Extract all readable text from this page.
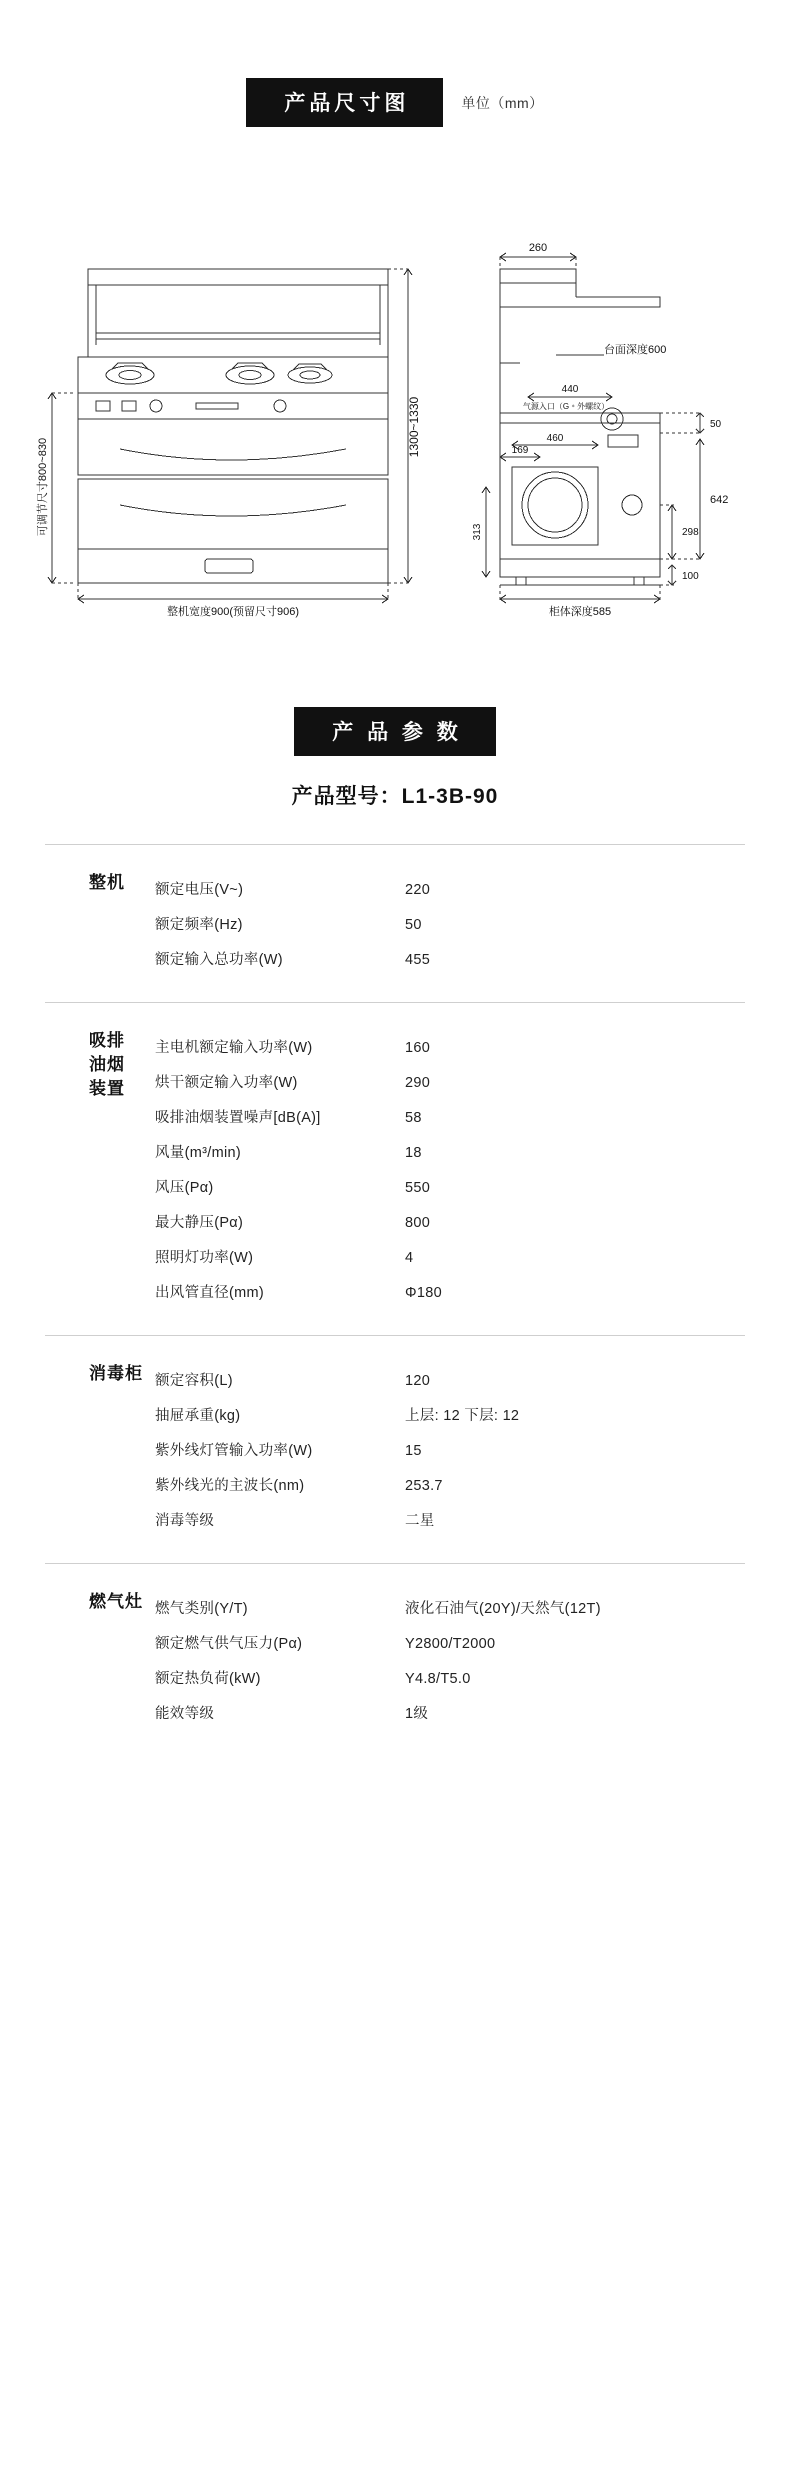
产品尺寸图	单位（mm）
可调节尺寸800~830
1300~1330
整机宽度900(预留尺寸906)
260
台面深度600
柜体深度585
440
气源入口（G﹡外螺纹）
460
169
313
50
642
298
100
产 品 参 数
产品型号：L1-3B-90
整机	额定电压(V~)	220
额定频率(Hz)	50
额定输入总功率(W)	455
吸排
油烟
装置
主电机额定输入功率(W)	160
烘干额定输入功率(W)	290
吸排油烟装置噪声[dB(A)]	58
风量(m³/min)	18
风压(Pα)	550
最大静压(Pα)	800
照明灯功率(W)	4
出风管直径(mm)	Φ180
消毒柜 额定容积(L)	120
抽屉承重(kg)	上层: 12 下层: 12
紫外线灯管输入功率(W)	15
紫外线光的主波长(nm)	253.7
消毒等级	二星
燃气灶 燃气类别(Y/T)	液化石油气(20Y)/天然气(12T)
额定燃气供气压力(Pα)	Y2800/T2000
额定热负荷(kW)	Y4.8/T5.0
能效等级	1级
